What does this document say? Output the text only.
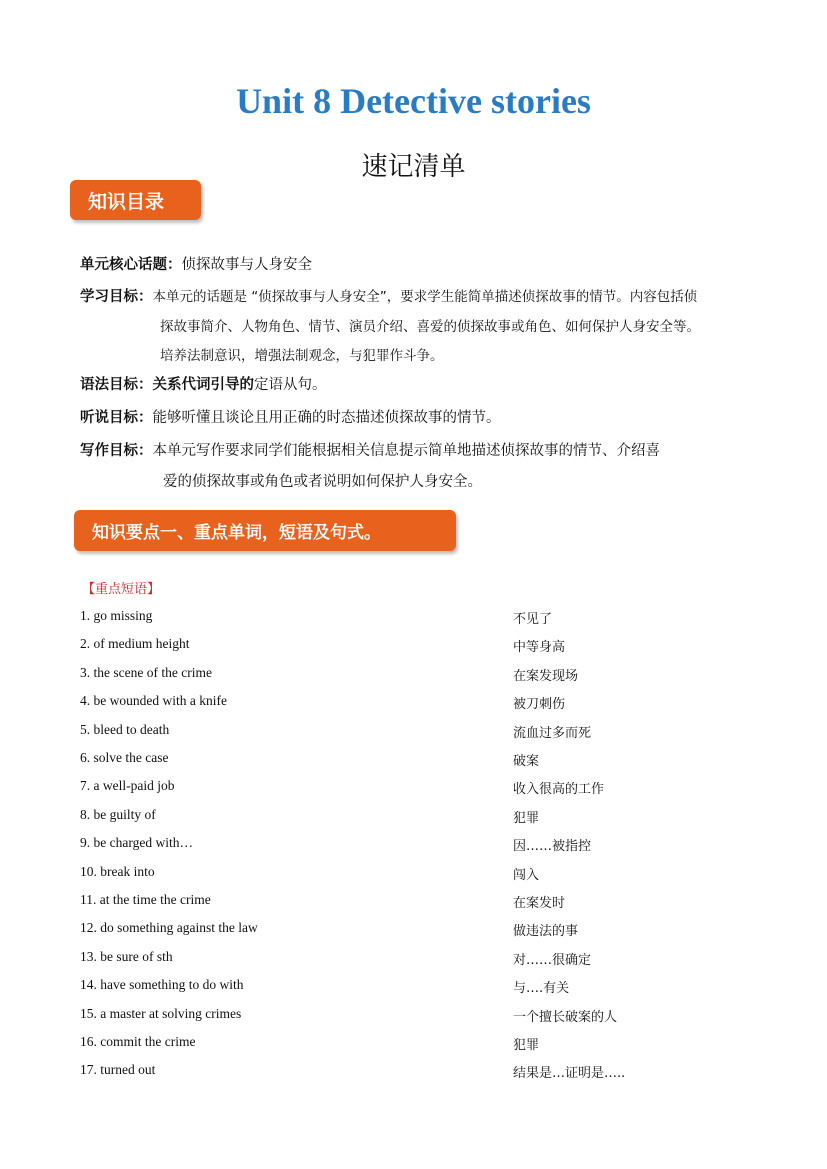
Unit 8 Detective stories
速记清单
知识目录
单元核心话题：侦探故事与人身安全
学习目标：本单元的话题是 “侦探故事与人身安全”，要求学生能简单描述侦探故事的情节。内容包括侦
探故事简介、人物角色、情节、演员介绍、喜爱的侦探故事或角色、如何保护人身安全等。
培养法制意识，增强法制观念，与犯罪作斗争。
语法目标：关系代词引导的定语从句。
听说目标：能够听懂且谈论且用正确的时态描述侦探故事的情节。
写作目标：本单元写作要求同学们能根据相关信息提示简单地描述侦探故事的情节、介绍喜
爱的侦探故事或角色或者说明如何保护人身安全。
知识要点一、重点单词，短语及句式。
【重点短语】
1. go missing	不见了
2. of medium height	中等身高
3. the scene of the crime	在案发现场
4. be wounded with a knife	被刀刺伤
5. bleed to death	流血过多而死
6. solve the case	破案
7. a well-paid job	收入很高的工作
8. be guilty of	犯罪
9. be charged with…	因……被指控
10. break into	闯入
11. at the time the crime	在案发时
12. do something against the law	做违法的事
13. be sure of sth	对……很确定
14. have something to do with	与….有关
15. a master at solving crimes	一个擅长破案的人
16. commit the crime	犯罪
17. turned out	结果是…证明是…..
